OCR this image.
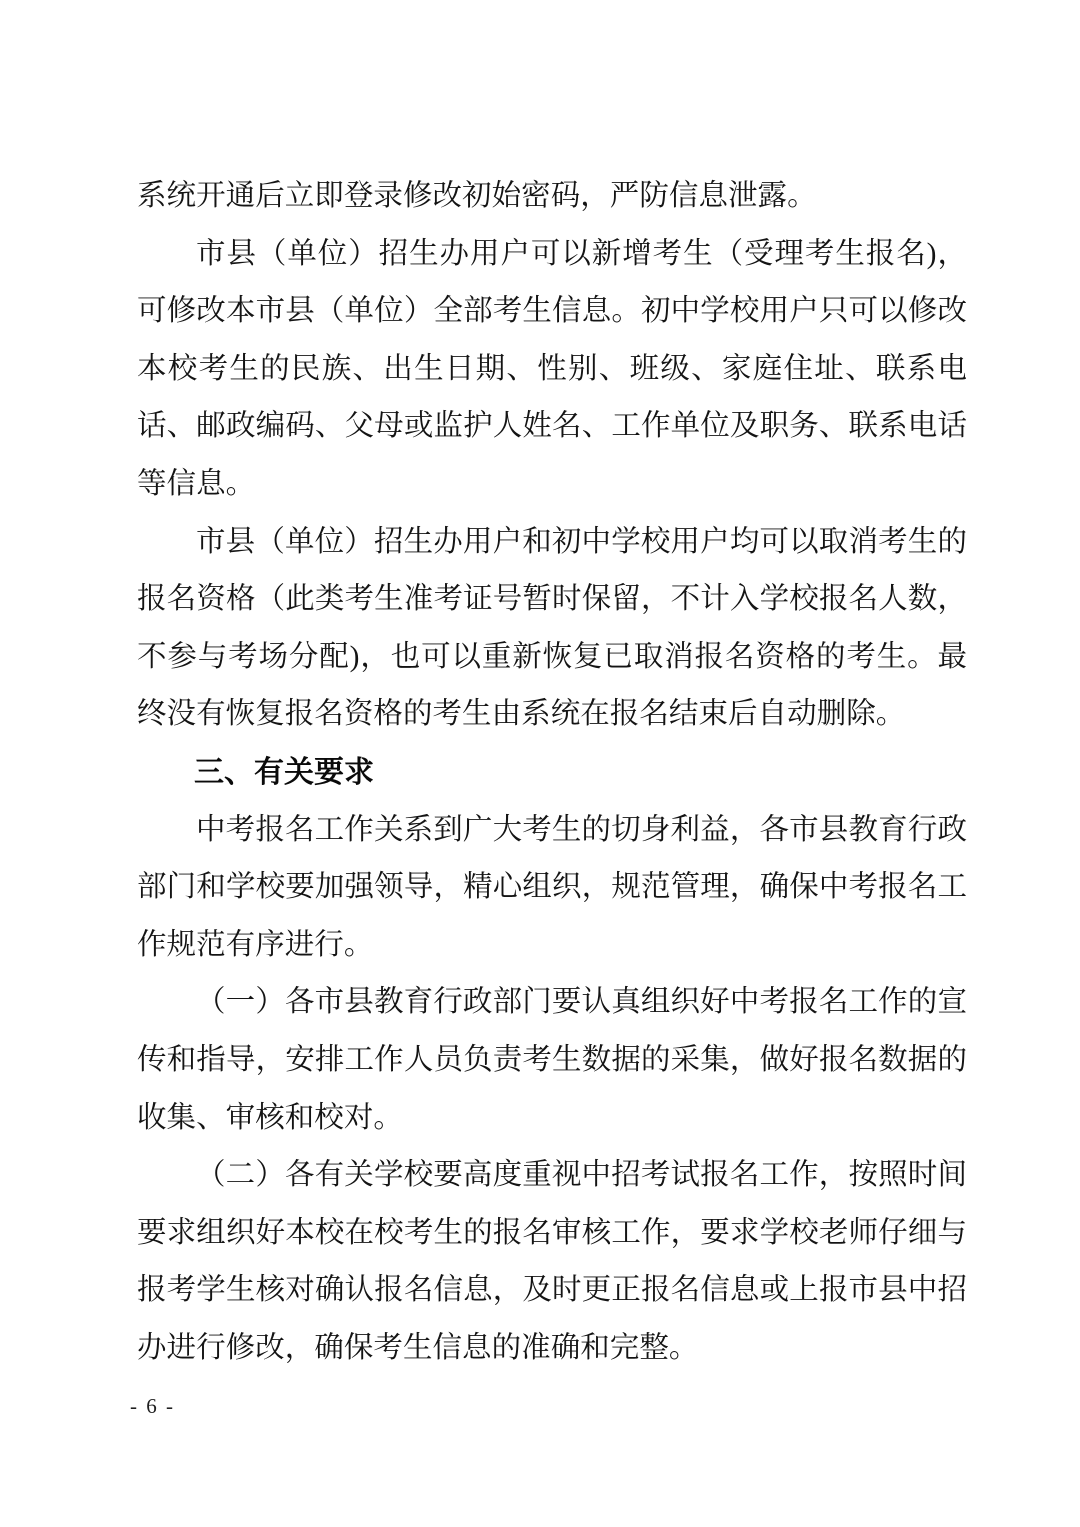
系统开通后立即登录修改初始密码，严防信息泄露。
市县（单位）招生办用户可以新增考生（受理考生报名)，可修改本市县（单位）全部考生信息。初中学校用户只可以修改本校考生的民族、出生日期、性别、班级、家庭住址、联系电话、邮政编码、父母或监护人姓名、工作单位及职务、联系电话等信息。
市县（单位）招生办用户和初中学校用户均可以取消考生的报名资格（此类考生准考证号暂时保留，不计入学校报名人数，不参与考场分配)，也可以重新恢复已取消报名资格的考生。最终没有恢复报名资格的考生由系统在报名结束后自动删除。
三、有关要求
中考报名工作关系到广大考生的切身利益，各市县教育行政部门和学校要加强领导，精心组织，规范管理，确保中考报名工作规范有序进行。
（一）各市县教育行政部门要认真组织好中考报名工作的宣传和指导，安排工作人员负责考生数据的采集，做好报名数据的收集、审核和校对。
（二）各有关学校要高度重视中招考试报名工作，按照时间要求组织好本校在校考生的报名审核工作，要求学校老师仔细与报考学生核对确认报名信息，及时更正报名信息或上报市县中招办进行修改，确保考生信息的准确和完整。
- 6 -
